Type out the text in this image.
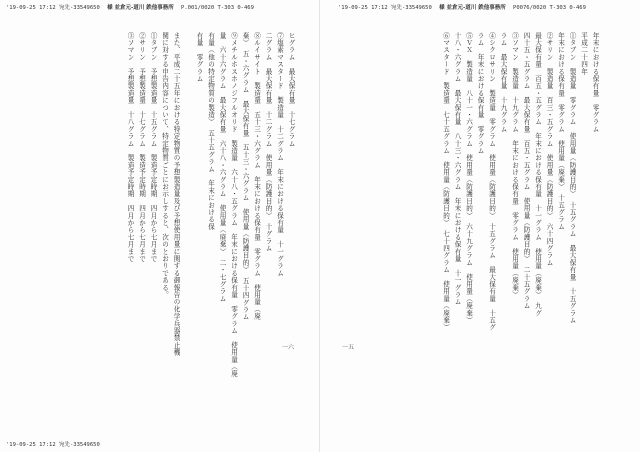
'19-09-25 17:12 宛先-33549650 様 並倉元-道川 鉄他事務所 P.001/0020 T-303 0-469
ヒグラム　最大保有量　十七グラム
⑦塩素マスタード　製造量　十二グラム　年末における保有量　十一グラム
二グラム　最大保有量　十二グラム　使用量（防護目的）　十グラム
⑧ルイサイト　製造量　五十三・六グラム　年末における保有量　零グラム　使用量（廃
棄）　五・六グラム　最大保有量　五十三・六グラム　使用量（防護目的）　五十四グラム
⑨メチルホスホノジフルオリド　製造量　六十八・五グラム　年末における保有量　零グラム　使用量（廃
量　六十六グラム　最大保有量　六十八・六グラム　使用量（廃棄）　二・七グラム
有量（他の特定物質の製造）　五十五グラム　年末における保
有量　零グラム
また、平成二十五年における特定物質の予想製造量及び予想使用量に関する御報告の化学兵器禁止機
関に対する申告内容について、特定物質ごとにお示しすると、次のとおりである。
①タブン　予想製造量　十五グラム　製造予定時期　四月から七月まで
②サリン　予想製造量　十七グラム　製造予定時期　四月から七月まで
③ソマン　予想製造量　十八グラム　製造予定時期　四月から七月まで
一六
'19-09-25 17:12 宛先-33549650
'19-09-25 17:12 宛先-33549650 様 並倉元-道川 鉄他事務所 P0076/0020 T-303 0-469
年末における保有量　零グラム
平成二十四年
①タブン　製造量　零グラム　使用量（防護目的）　十五グラム　最大保有量　十五グラム
年末における保有量　零グラム　使用量（廃棄）　十五グラム
②サリン　製造量　百三・五グラム　使用量（防護目的）　六十四グラム
最大保有量　百五・五グラム　年末における保有量　十一グラム　使用量（廃棄）　九グ
四十五・五グラム　最大保有量　百五・五グラム　使用量（防護目的）　二十五グラム
③ソマン　製造量　十九グラム　年末における保有量　零グラム　使用量（廃棄）
ラム　最大保有量　十九グラム
④シクロサリン　製造量　零グラム　使用量（防護目的）　十五グラム　最大保有量　十五グ
ラム　年末における保有量　零グラム
⑤ＶＸ　製造量　八十一・六グラム　使用量（防護目的）　六十九グラム　使用量（廃棄）
十八・六グラム　最大保有量　八十三・六グラム　年末における保有量　十一グラム
⑥マスタード　製造量　七十五グラム　使用量（防護目的）　七十四グラム　使用量（廃棄）
一五
